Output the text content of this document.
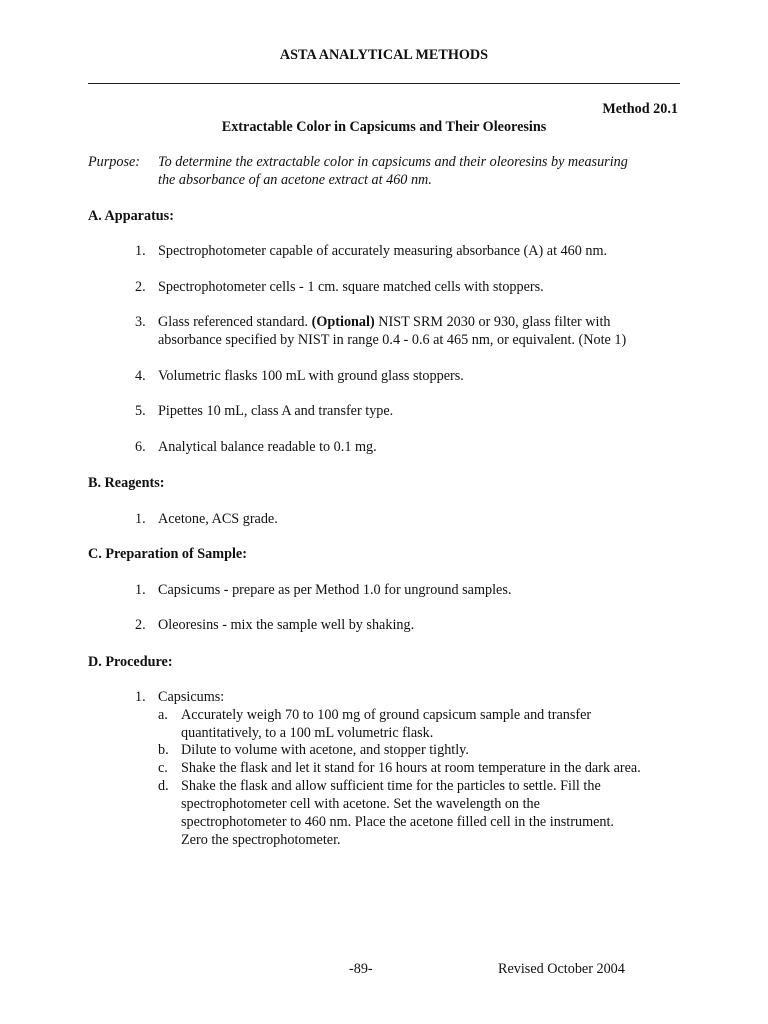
ASTA ANALYTICAL METHODS
Method 20.1
Extractable Color in Capsicums and Their Oleoresins
Purpose: To determine the extractable color in capsicums and their oleoresins by measuring
the absorbance of an acetone extract at 460 nm.
A. Apparatus:
1. Spectrophotometer capable of accurately measuring absorbance (A) at 460 nm.
2. Spectrophotometer cells - 1 cm. square matched cells with stoppers.
3. Glass referenced standard. (Optional) NIST SRM 2030 or 930, glass filter with
absorbance specified by NIST in range 0.4 - 0.6 at 465 nm, or equivalent. (Note 1)
4. Volumetric flasks 100 mL with ground glass stoppers.
5. Pipettes 10 mL, class A and transfer type.
6. Analytical balance readable to 0.1 mg.
B. Reagents:
1. Acetone, ACS grade.
C. Preparation of Sample:
1. Capsicums - prepare as per Method 1.0 for unground samples.
2. Oleoresins - mix the sample well by shaking.
D. Procedure:
1. Capsicums:
a. Accurately weigh 70 to 100 mg of ground capsicum sample and transfer
quantitatively, to a 100 mL volumetric flask.
b. Dilute to volume with acetone, and stopper tightly.
c. Shake the flask and let it stand for 16 hours at room temperature in the dark area.
d. Shake the flask and allow sufficient time for the particles to settle. Fill the
spectrophotometer cell with acetone. Set the wavelength on the
spectrophotometer to 460 nm. Place the acetone filled cell in the instrument.
Zero the spectrophotometer.
-89-	Revised October 2004
